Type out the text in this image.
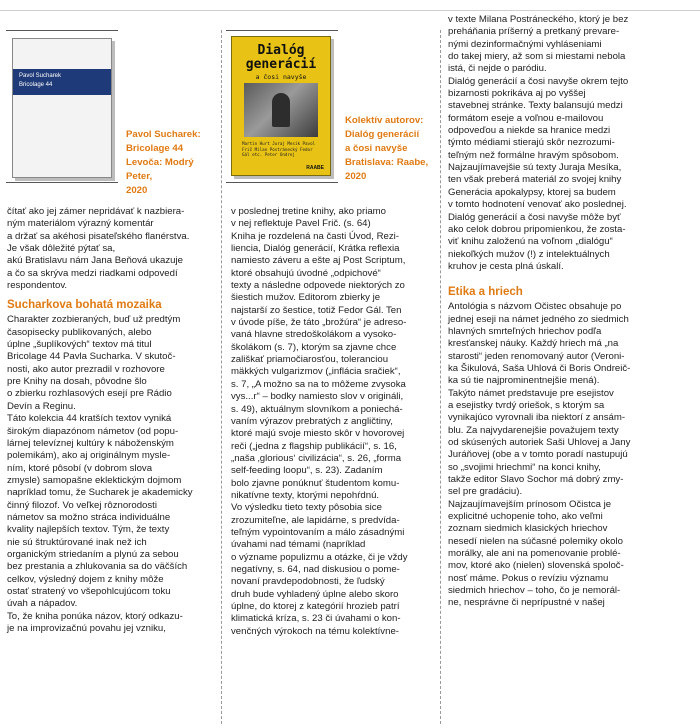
Pavol Sucharek
Bricolage 44
Pavol Sucharek:
Bricolage 44
Levoča: Modrý Peter,
2020
Dialóg
generácií
a čosi navyše
Martin Hurt Juraj Mesík Pavol Frič Milan Postránecký Fedor Gál etc. Peter Ondrej
RAABE
Kolektív autorov:
Dialóg generácií
a čosi navyše
Bratislava: Raabe,
2020

čítať ako jej zámer nepridávať k nazbiera-

ným materiálom výrazný komentár

a držať sa akéhosi pisateľského flanérstva.

Je však dôležité pýtať sa,

akú Bratislavu nám Jana Beňová ukazuje

a čo sa skrýva medzi riadkami odpovedí

respondentov.

Sucharkova bohatá mozaika

Charakter zozbieraných, buď už predtým

časopisecky publikovaných, alebo

úplne „šuplíkových“ textov má titul

Bricolage 44 Pavla Sucharka. V skutoč-

nosti, ako autor prezradil v rozhovore

pre Knihy na dosah, pôvodne šlo

o zbierku rozhlasových esejí pre Rádio

Devín a Reginu.

Táto kolekcia 44 kratších textov vyniká

širokým diapazónom námetov (od popu-

lárnej televíznej kultúry k náboženským

polemikám), ako aj originálnym mysle-

ním, ktoré pôsobí (v dobrom slova

zmysle) samopašne eklektickým dojmom

napríklad tomu, že Sucharek je akademicky

činný filozof. Vo veľkej rôznorodosti

námetov sa možno stráca individuálne

kvality najlepších textov. Tým, že texty

nie sú štruktúrované inak než ich

organickým striedaním a plynú za sebou

bez prestania a zhlukovania sa do väčších

celkov, výsledný dojem z knihy môže

ostať stratený vo všepohlcujúcom toku

úvah a nápadov.

To, že kniha ponúka názov, ktorý odkazu-

je na improvizačnú povahu jej vzniku,

v poslednej tretine knihy, ako priamo

v nej reflektuje Pavel Frič. (s. 64)

Kniha je rozdelená na časti Úvod, Rezi-

liencia, Dialóg generácií, Krátka reflexia

namiesto záveru a ešte aj Post Scriptum,

ktoré obsahujú úvodné „odpichové“

texty a následne odpovede niektorých zo

šiestich mužov. Editorom zbierky je

najstarší zo šestice, totiž Fedor Gál. Ten

v úvode píše, že táto „brožúra“ je adreso-

vaná hlavne stredoškolákom a vysoko-

školákom (s. 7), ktorým sa zjavne chce

zališkať priamočiarosťou, toleranciou

mäkkých vulgarizmov („inflácia sračiek“,

s. 7, „A možno sa na to môžeme zvysoka

vys...r“ – bodky namiesto slov v origináli,

s. 49), aktuálnym slovníkom a poniechá-

vaním výrazov prebratých z angličtiny,

ktoré majú svoje miesto skôr v hovorovej

reči („jedna z flagship publikácií“, s. 16,

„naša ‚glorious‘ civilizácia“, s. 26, „forma

self-feeding loopu“, s. 23). Zadaním

bolo zjavne ponúknuť študentom komu-

nikatívne texty, ktorými nepohŕdnú.

Vo výsledku tieto texty pôsobia sice

zrozumiteľne, ale lapidárne, s predvída-

teľným vypointovaním a málo zásadnými

úvahami nad témami (napríklad

o významе populizmu a otázke, či je vždy

negatívny, s. 64, nad diskusiou o pome-

novaní pravdepodobnosti, že ľudský

druh bude vyhladený úplne alebo skoro

úplne, do ktorej z kategórií hrozieb patrí

klimatická kríza, s. 23 či úvahami o kon-

venčných výrokoch na tému kolektívne-

v texte Milana Postráneckého, ktorý je bez

preháňania príšerný a pretkaný prevare-

nými dezinformačnými vyhláseniami

do takej miery, až som si miestami nebola

istá, či nejde o paródiu.

Dialóg generácií a čosi navyše okrem tejto

bizarnosti pokrikáva aj po vyššej

stavebnej stránke. Textу balansujú medzi

formátom eseje a voľnou e-mailovou

odpoveďou a niekde sa hranice medzi

týmto médiami stierajú skôr nezrozumi-

teľným než formálne hravým spôsobom.

Najzaujímavejšie sú texty Juraja Mesíka,

ten však preberá materiál zo svojej knihy

Generácia apokalypsy, ktorej sa budem

v tomto hodnotení venovať ako poslednej.

Dialóg generácií a čosi navyše môže byť

ako celok dobrou pripomienkou, že zosta-

viť knihu založenú na voľnom „dialógu“

niekoľkých mužov (!) z intelektuálnych

kruhov je cesta plná úskalí.

Etika a hriech

Antológia s názvom Očistec obsahuje po

jednej eseji na námet jedného zo siedmich

hlavných smrteľných hriechov podľa

kresťanskej náuky. Každý hriech má „na

starosti“ jeden renomovaný autor (Veroni-

ka Šikulová, Saša Uhlová či Boris Ondreič-

ka sú tie najprominentnejšie mená).

Takýto námet predstavuje pre esejistov

a esejistky tvrdý oriešok, s ktorým sa

vynikajúco vyrovnali iba niektorí z ansám-

blu. Za najvydarenejšie považujem texty

od skúsených autoriek Saši Uhlovej a Jany

Juráňovej (obe a v tomto poradí nastupujú

so „svojimi hriechmi“ na konci knihy,

takže editor Slavo Sochor má dobrý zmy-

sel pre gradáciu).

Najzaujímavejším prínosom Očistca je

explicitné uchopenie toho, ako veľmi

zoznam siedmich klasických hriechov

nesedí nielen na súčasné polemiky okolo

morálky, ale ani na pomenovanie problé-

mov, ktoré ako (nielen) slovenská spoloč-

nosť máme. Pokus o revíziu významu

siedmich hriechov – toho, čo je nemorál-

ne, nesprávne či neprípustné v našej
